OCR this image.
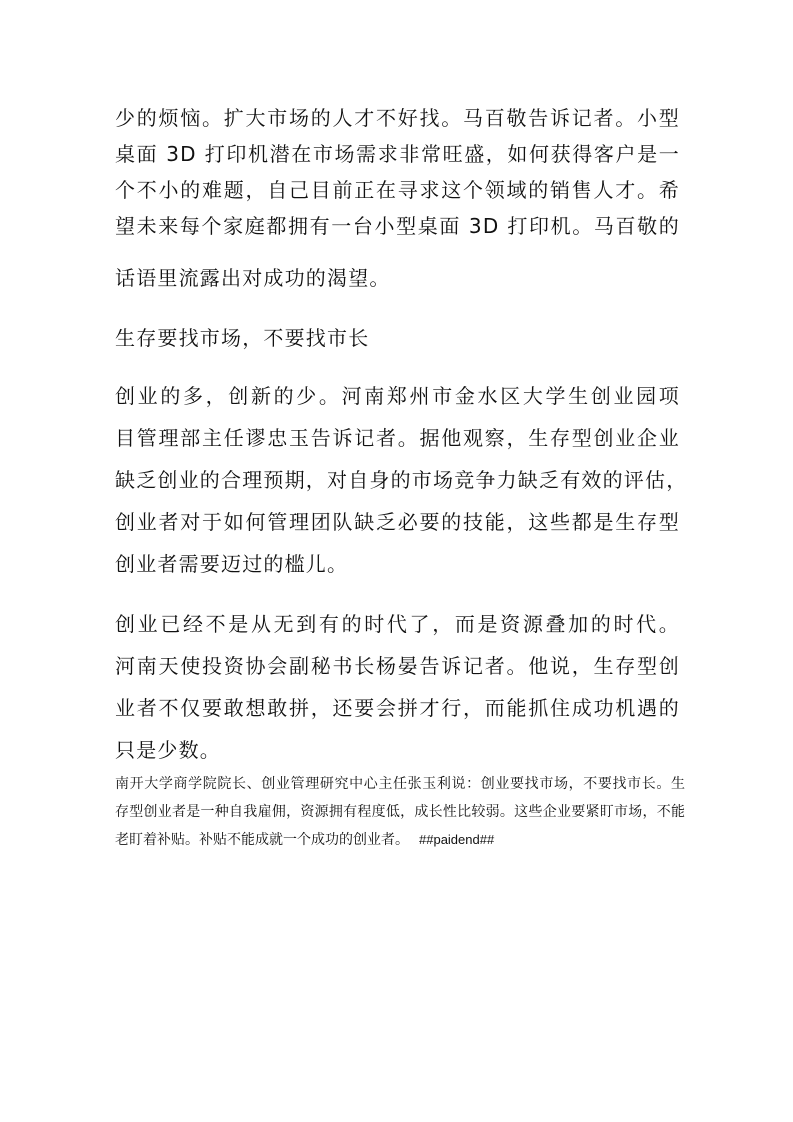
少的烦恼。扩大市场的人才不好找。马百敬告诉记者。小型

桌面 3D 打印机潜在市场需求非常旺盛，如何获得客户是一

个不小的难题，自己目前正在寻求这个领域的销售人才。希

望未来每个家庭都拥有一台小型桌面 3D 打印机。马百敬的

话语里流露出对成功的渴望。

生存要找市场，不要找市长

创业的多，创新的少。河南郑州市金水区大学生创业园项

目管理部主任谬忠玉告诉记者。据他观察，生存型创业企业

缺乏创业的合理预期，对自身的市场竞争力缺乏有效的评估，

创业者对于如何管理团队缺乏必要的技能，这些都是生存型

创业者需要迈过的槛儿。

创业已经不是从无到有的时代了，而是资源叠加的时代。

河南天使投资协会副秘书长杨晏告诉记者。他说，生存型创

业者不仅要敢想敢拼，还要会拼才行，而能抓住成功机遇的

只是少数。

南开大学商学院院长、创业管理研究中心主任张玉利说：创业要找市场，不要找市长。生

存型创业者是一种自我雇佣，资源拥有程度低，成长性比较弱。这些企业要紧盯市场，不能

老盯着补贴。补贴不能成就一个成功的创业者。 ##paidend##
